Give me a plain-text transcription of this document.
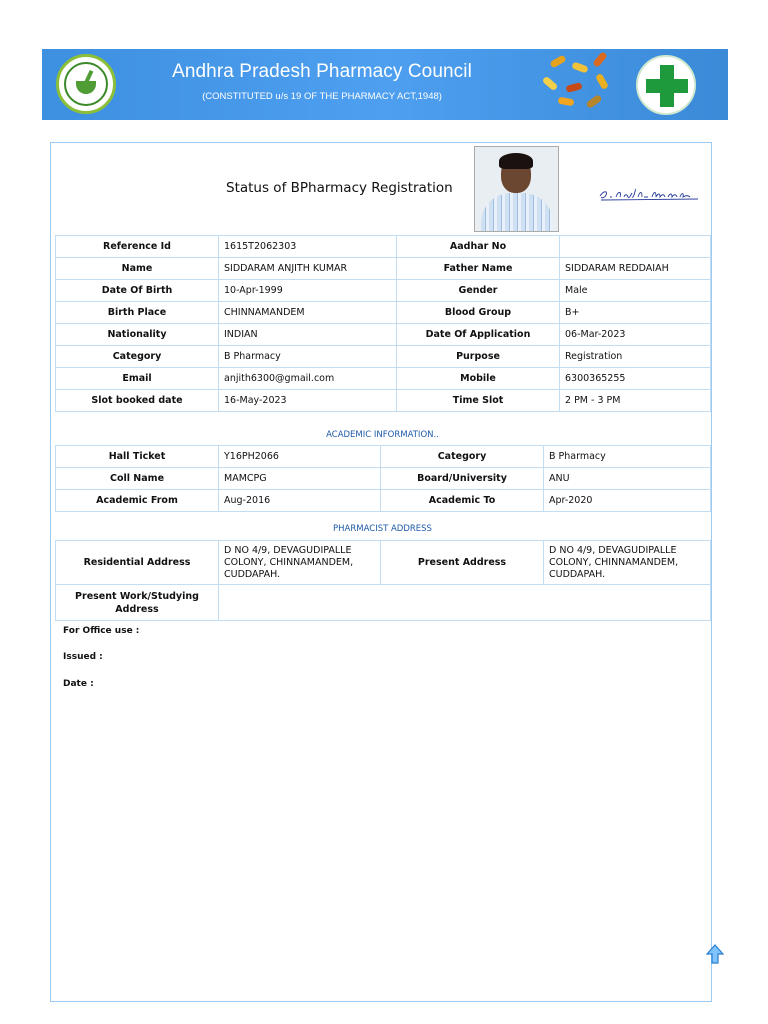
Andhra Pradesh Pharmacy Council
(CONSTITUTED u/s 19 OF THE PHARMACY ACT,1948)
Status of BPharmacy Registration
Reference Id	1615T2062303	Aadhar No	
Name	SIDDARAM ANJITH KUMAR	Father Name	SIDDARAM REDDAIAH
Date Of Birth	10-Apr-1999	Gender	Male
Birth Place	CHINNAMANDEM	Blood Group	B+
Nationality	INDIAN	Date Of Application	06-Mar-2023
Category	B Pharmacy	Purpose	Registration
Email	anjith6300@gmail.com	Mobile	6300365255
Slot booked date	16-May-2023	Time Slot	2 PM - 3 PM
ACADEMIC INFORMATION..
Hall Ticket	Y16PH2066	Category	B Pharmacy
Coll Name	MAMCPG	Board/University	ANU
Academic From	Aug-2016	Academic To	Apr-2020
PHARMACIST ADDRESS
Residential Address	D NO 4/9, DEVAGUDIPALLE COLONY, CHINNAMANDEM, CUDDAPAH.	Present Address	D NO 4/9, DEVAGUDIPALLE COLONY, CHINNAMANDEM, CUDDAPAH.
Present Work/Studying Address			
For Office use :
Issued :
Date :
